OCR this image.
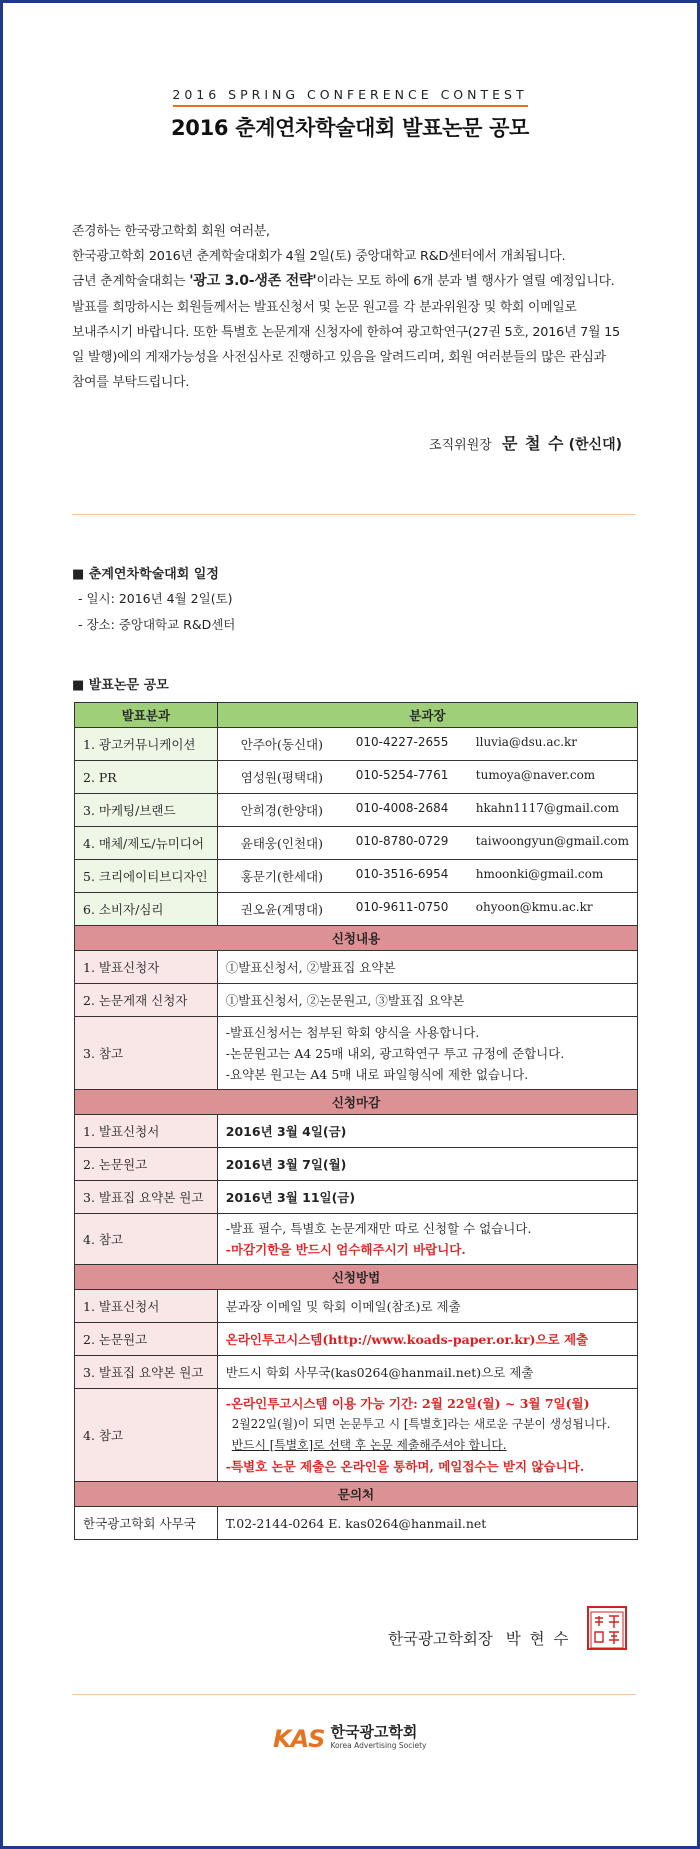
2016 SPRING CONFERENCE CONTEST
2016 춘계연차학술대회 발표논문 공모

존경하는 한국광고학회 회원 여러분,

한국광고학회 2016년 춘계학술대회가 4월 2일(토) 중앙대학교 R&D센터에서 개최됩니다.

금년 춘계학술대회는 '광고 3.0-생존 전략'이라는 모토 하에 6개 분과 별 행사가 열릴 예정입니다.

발표를 희망하시는 회원들께서는 발표신청서 및 논문 원고를 각 분과위원장 및 학회 이메일로

보내주시기 바랍니다. 또한 특별호 논문게재 신청자에 한하여 광고학연구(27권 5호, 2016년 7월 15

일 발행)에의 게재가능성을 사전심사로 진행하고 있음을 알려드리며, 회원 여러분들의 많은 관심과

참여를 부탁드립니다.

조직위원장 문 철 수 (한신대)
■ 춘계연차학술대회 일정
- 일시: 2016년 4월 2일(토)
- 장소: 중앙대학교 R&D센터
■ 발표논문 공모
발표분과	분과장
1. 광고커뮤니케이션	안주아(동신대) 010-4227-2655 lluvia@dsu.ac.kr

2. PR	염성원(평택대) 010-5254-7761 tumoya@naver.com

3. 마케팅/브랜드	안희경(한양대) 010-4008-2684 hkahn1117@gmail.com

4. 매체/제도/뉴미디어	윤태웅(인천대) 010-8780-0729 taiwoongyun@gmail.com

5. 크리에이티브디자인	홍문기(한세대) 010-3516-6954 hmoonki@gmail.com

6. 소비자/심리	권오윤(계명대) 010-9611-0750 ohyoon@kmu.ac.kr

신청내용	
1. 발표신청자	①발표신청서, ②발표집 요약본
2. 논문게재 신청자	①발표신청서, ②논문원고, ③발표집 요약본
3. 참고	-발표신청서는 첨부된 학회 양식을 사용합니다.
-논문원고는 A4 25매 내외, 광고학연구 투고 규정에 준합니다.
-요약본 원고는 A4 5매 내로 파일형식에 제한 없습니다.

신청마감	
1. 발표신청서	2016년 3월 4일(금)
2. 논문원고	2016년 3월 7일(월)
3. 발표집 요약본 원고	2016년 3월 11일(금)
4. 참고	-발표 필수, 특별호 논문게재만 따로 신청할 수 없습니다.
-마감기한을 반드시 엄수해주시기 바랍니다.

신청방법	
1. 발표신청서	분과장 이메일 및 학회 이메일(참조)로 제출
2. 논문원고	온라인투고시스템(http://www.koads-paper.or.kr)으로 제출
3. 발표집 요약본 원고	반드시 학회 사무국(kas0264@hanmail.net)으로 제출
4. 참고	-온라인투고시스템 이용 가능 기간: 2월 22일(월) ~ 3월 7일(월)
2월22일(월)이 되면 논문투고 시 [특별호]라는 새로운 구분이 생성됩니다.
반드시 [특별호]로 선택 후 논문 제출해주셔야 합니다.
-특별호 논문 제출은 온라인을 통하며, 메일접수는 받지 않습니다.

문의처	
한국광고학회 사무국	T.02-2144-0264 E. kas0264@hanmail.net
한국광고학회장 박 현 수
KAS 한국광고학회
Korea Advertising Society
